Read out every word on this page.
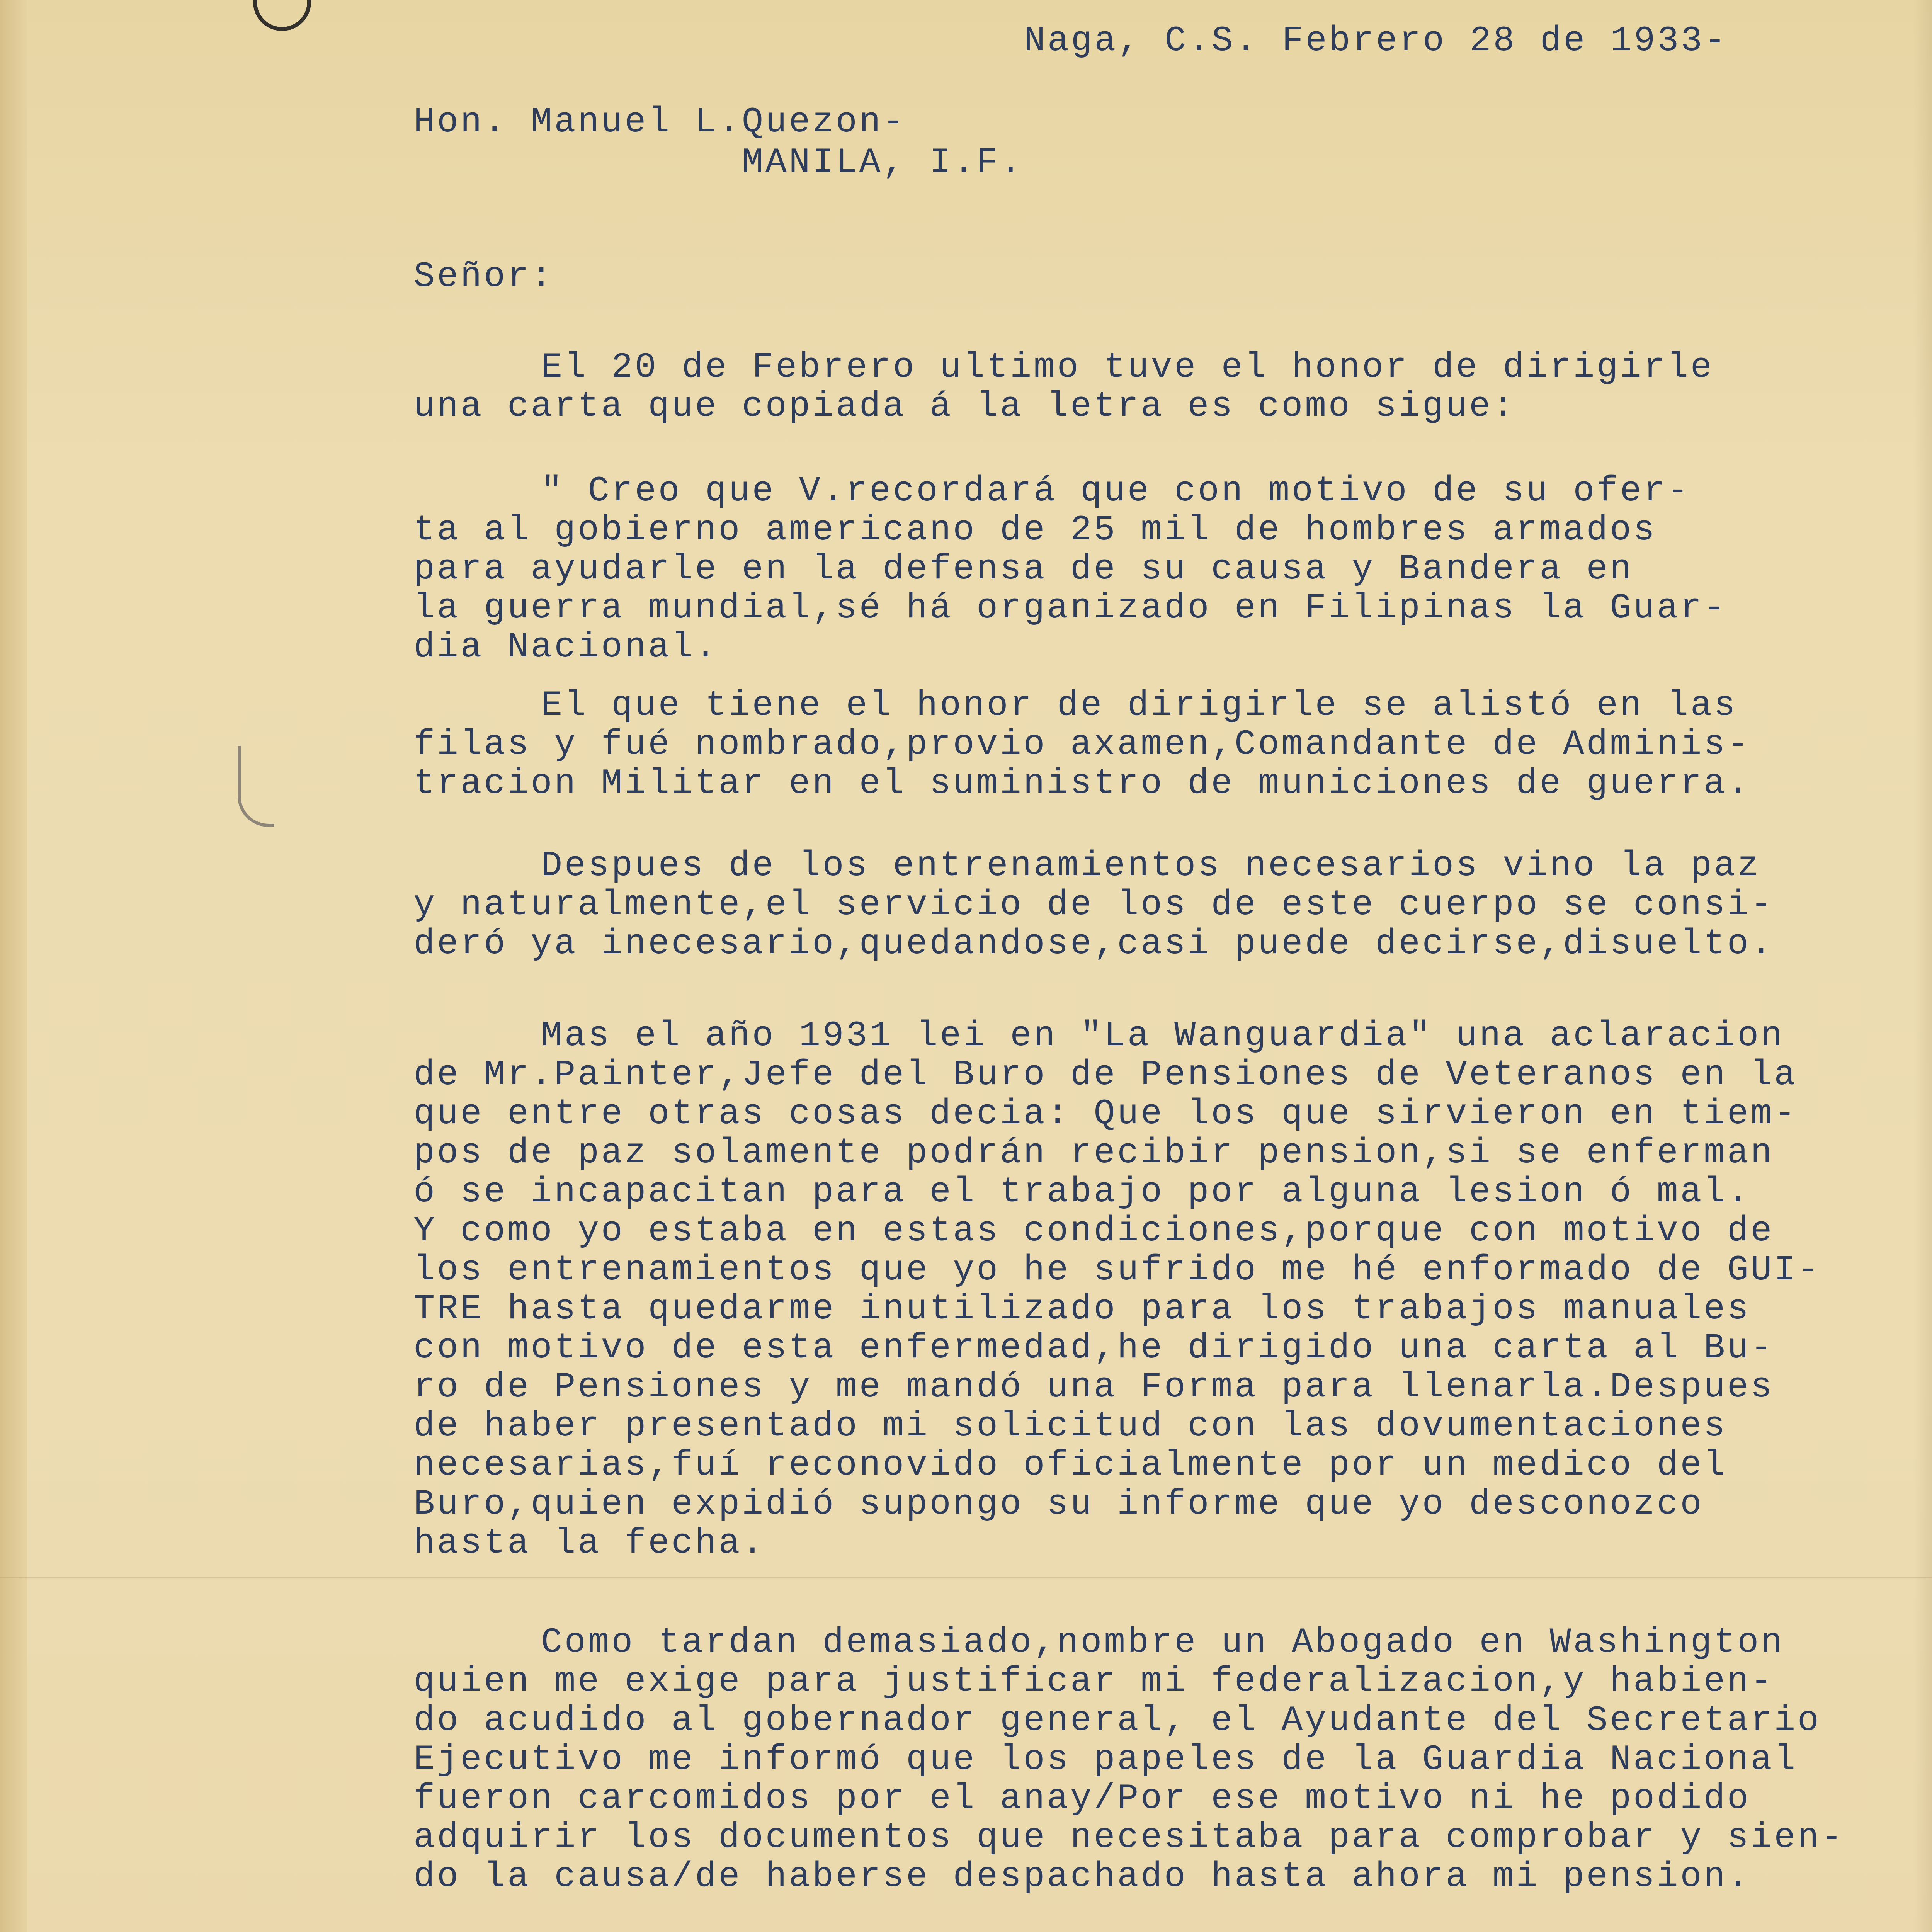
Naga, C.S. Febrero 28 de 1933-
Hon. Manuel L.Quezon-
MANILA, I.F.
Señor:
El 20 de Febrero ultimo tuve el honor de dirigirle
una carta que copiada á la letra es como sigue:
" Creo que V.recordará que con motivo de su ofer-
ta al gobierno americano de 25 mil de hombres armados
para ayudarle en la defensa de su causa y Bandera en
la guerra mundial,sé há organizado en Filipinas la Guar-
dia Nacional.
El que tiene el honor de dirigirle se alistó en las
filas y fué nombrado,provio axamen,Comandante de Adminis-
tracion Militar en el suministro de municiones de guerra.
Despues de los entrenamientos necesarios vino la paz
y naturalmente,el servicio de los de este cuerpo se consi-
deró ya inecesario,quedandose,casi puede decirse,disuelto.
Mas el año 1931 lei en "La Wanguardia" una aclaracion
de Mr.Painter,Jefe del Buro de Pensiones de Veteranos en la
que entre otras cosas decia: Que los que sirvieron en tiem-
pos de paz solamente podrán recibir pension,si se enferman
ó se incapacitan para el trabajo por alguna lesion ó mal.
Y como yo estaba en estas condiciones,porque con motivo de
los entrenamientos que yo he sufrido me hé enformado de GUI-
TRE hasta quedarme inutilizado para los trabajos manuales
con motivo de esta enfermedad,he dirigido una carta al Bu-
ro de Pensiones y me mandó una Forma para llenarla.Despues
de haber presentado mi solicitud con las dovumentaciones
necesarias,fuí reconovido oficialmente por un medico del
Buro,quien expidió supongo su informe que yo desconozco
hasta la fecha.
Como tardan demasiado,nombre un Abogado en Washington
quien me exige para justificar mi federalizacion,y habien-
do acudido al gobernador general, el Ayudante del Secretario
Ejecutivo me informó que los papeles de la Guardia Nacional
fueron carcomidos por el anay/Por ese motivo ni he podido
adquirir los documentos que necesitaba para comprobar y sien-
do la causa/de haberse despachado hasta ahora mi pension.
